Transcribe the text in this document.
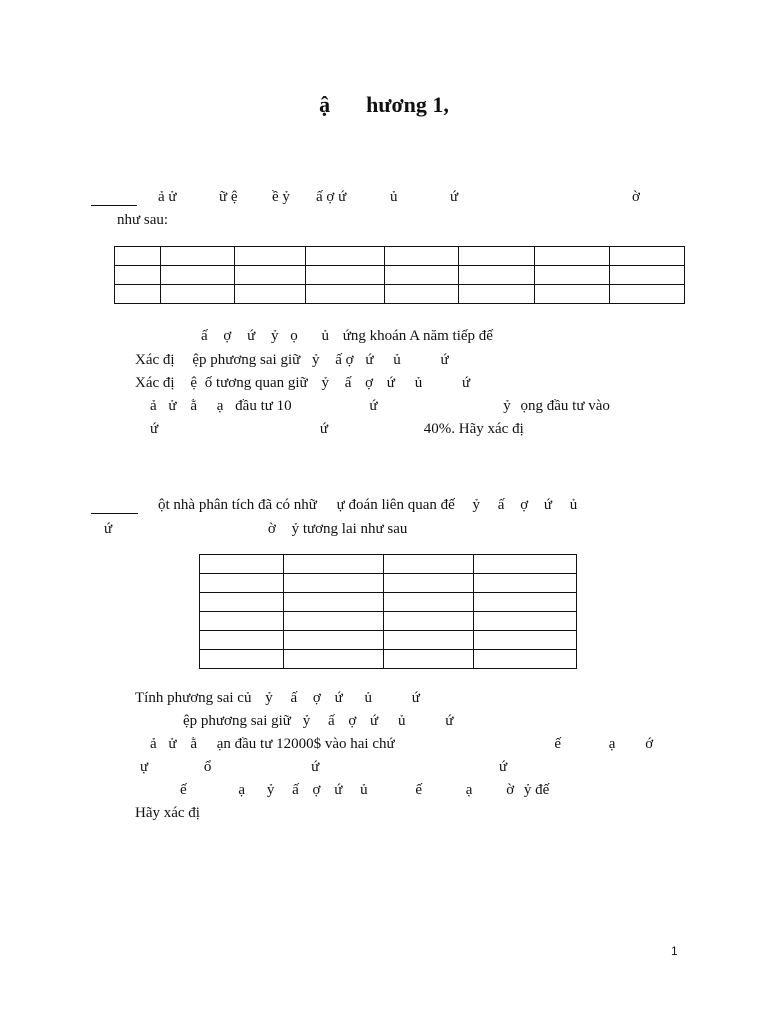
ậ hương 1,
ả ử	ữ ệ ề ỷ ấ ợ ứ	ủ	ứ	ờ
như sau:

ấ ợ ứ ỷ ọ ủ ứng khoán A năm tiếp đế
Xác đị ệp phương sai giữ ỷ ấ ợ ứ ủ	ứ
Xác đị ệ ố tương quan giữ ỷ ấ ợ ứ ủ	ứ
ả ử ằ ạ đầu tư 10	ứ	ỷ ọng đầu tư vào
ứ	ứ	40%. Hãy xác đị
ột nhà phân tích đã có nhữ ự đoán liên quan đế ỷ ấ ợ ứ ủ
ứ	ờ ỷ tương lai như sau

Tính phương sai củ ỷ ấ ợ ứ ủ	ứ
ệp phương sai giữ ỷ ấ ợ ứ ủ	ứ
ả ử ằ ạn đầu tư 12000$ vào hai chứ	ế	ạ ớ
ự	ổ	ứ	ứ
ế	ạ ỷ ấ ợ ứ ủ	ế	ạ ờ ỷ đế
Hãy xác đị
1
